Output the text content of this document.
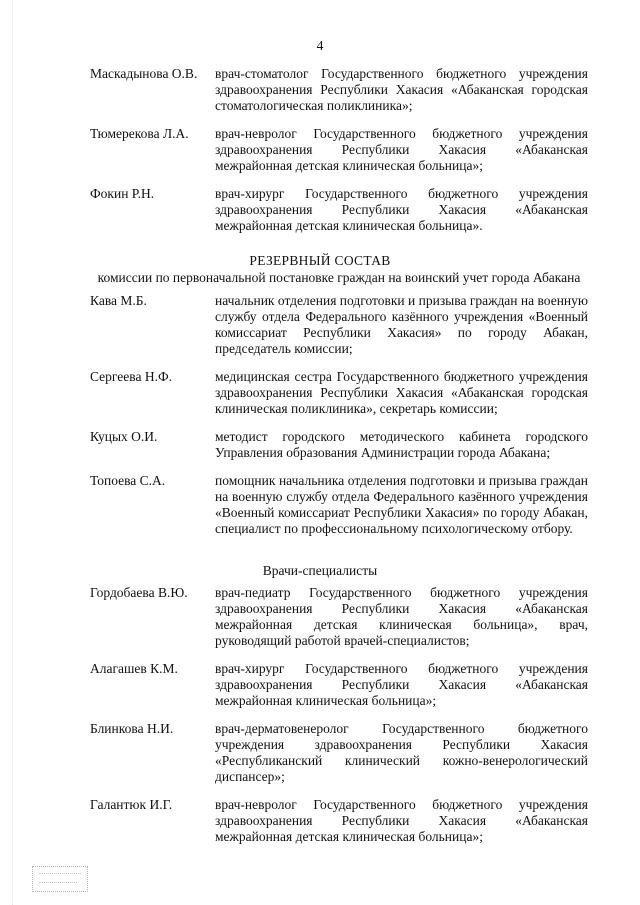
4
Маскадынова О.В.	врач-стоматолог Государственного бюджетного учреждения здравоохранения Республики Хакасия «Абаканская городская стоматологическая поликлиника»;
Тюмерекова Л.А.	врач-невролог Государственного бюджетного учреждения здравоохранения Республики Хакасия «Абаканская межрайонная детская клиническая больница»;
Фокин Р.Н.	врач-хирург Государственного бюджетного учреждения здравоохранения Республики Хакасия «Абаканская межрайонная детская клиническая больница».
РЕЗЕРВНЫЙ СОСТАВ
комиссии по первоначальной постановке граждан на воинский учет города Абакана
Кава М.Б.	начальник отделения подготовки и призыва граждан на военную службу отдела Федерального казённого учреждения «Военный комиссариат Республики Хакасия» по городу Абакан, председатель комиссии;
Сергеева Н.Ф.	медицинская сестра Государственного бюджетного учреждения здравоохранения Республики Хакасия «Абаканская городская клиническая поликлиника», секретарь комиссии;
Куцых О.И.	методист городского методического кабинета городского Управления образования Администрации города Абакана;
Топоева С.А.	помощник начальника отделения подготовки и призыва граждан на военную службу отдела Федерального казённого учреждения «Военный комиссариат Республики Хакасия» по городу Абакан, специалист по профессиональному психологическому отбору.
Врачи-специалисты
Гордобаева В.Ю.	врач-педиатр Государственного бюджетного учреждения здравоохранения Республики Хакасия «Абаканская межрайонная детская клиническая больница», врач, руководящий работой врачей-специалистов;
Алагашев К.М.	врач-хирург Государственного бюджетного учреждения здравоохранения Республики Хакасия «Абаканская межрайонная клиническая больница»;
Блинкова Н.И.	врач-дерматовенеролог Государственного бюджетного учреждения здравоохранения Республики Хакасия «Республиканский клинический кожно-венерологический диспансер»;
Галантюк И.Г.	врач-невролог Государственного бюджетного учреждения здравоохранения Республики Хакасия «Абаканская межрайонная детская клиническая больница»;
